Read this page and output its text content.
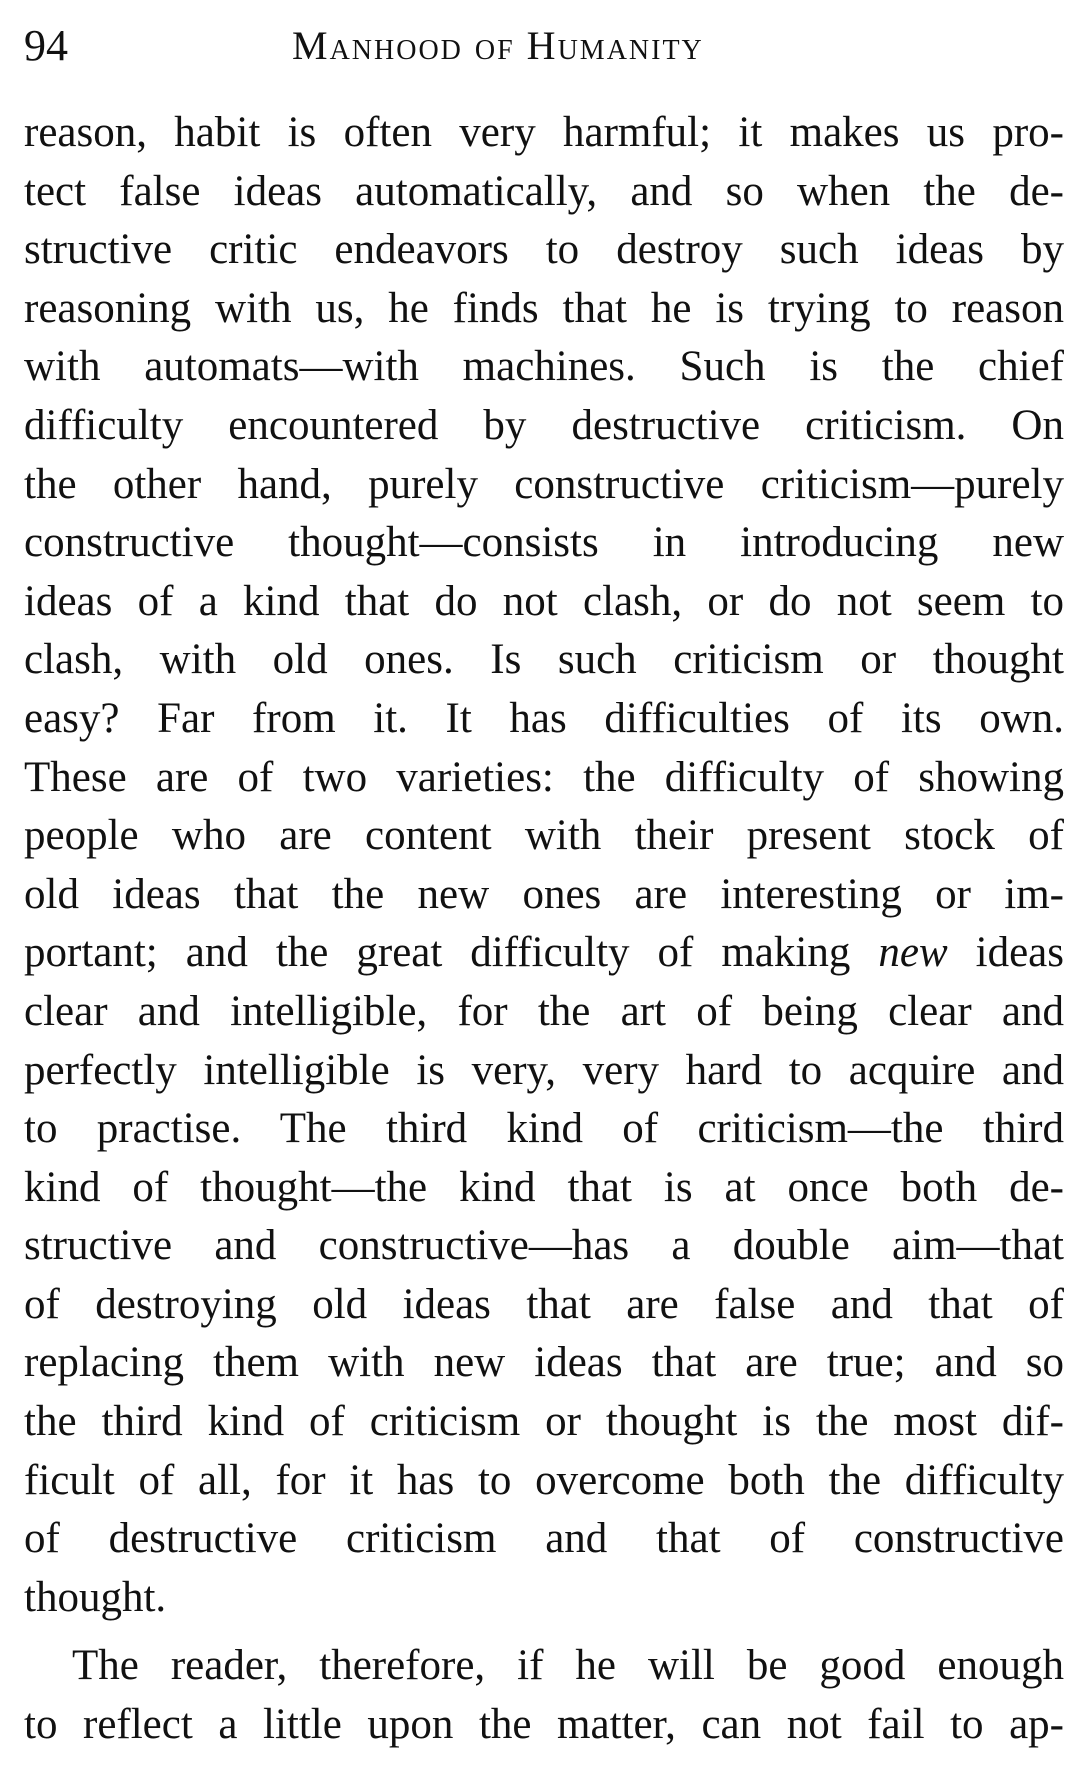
94	Manhood of Humanity
reason, habit is often very harmful; it makes us pro-
tect false ideas automatically, and so when the de-
structive critic endeavors to destroy such ideas by
reasoning with us, he finds that he is trying to reason
with automats—with machines. Such is the chief
difficulty encountered by destructive criticism. On
the other hand, purely constructive criticism—purely
constructive thought—consists in introducing new
ideas of a kind that do not clash, or do not seem to
clash, with old ones. Is such criticism or thought
easy? Far from it. It has difficulties of its own.
These are of two varieties: the difficulty of showing
people who are content with their present stock of
old ideas that the new ones are interesting or im-
portant; and the great difficulty of making new ideas
clear and intelligible, for the art of being clear and
perfectly intelligible is very, very hard to acquire and
to practise. The third kind of criticism—the third
kind of thought—the kind that is at once both de-
structive and constructive—has a double aim—that
of destroying old ideas that are false and that of
replacing them with new ideas that are true; and so
the third kind of criticism or thought is the most dif-
ficult of all, for it has to overcome both the difficulty
of destructive criticism and that of constructive
thought.
The reader, therefore, if he will be good enough
to reflect a little upon the matter, can not fail to ap-
